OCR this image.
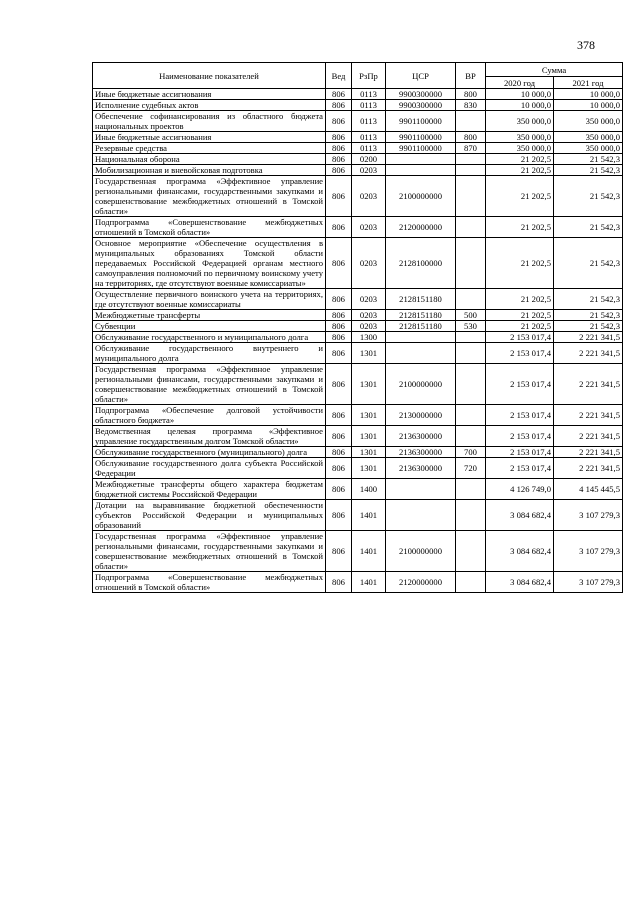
378
Наименование показателей	Вед	РзПр	ЦСР	ВР	Сумма	
					2020 год	2021 год
Иные бюджетные ассигнования	806	0113	9900300000	800	10 000,0	10 000,0
Исполнение судебных актов	806	0113	9900300000	830	10 000,0	10 000,0
Обеспечение софинансирования из областного бюджета национальных проектов	806	0113	9901100000		350 000,0	350 000,0
Иные бюджетные ассигнования	806	0113	9901100000	800	350 000,0	350 000,0
Резервные средства	806	0113	9901100000	870	350 000,0	350 000,0
Национальная оборона	806	0200			21 202,5	21 542,3
Мобилизационная и вневойсковая подготовка	806	0203			21 202,5	21 542,3
Государственная программа «Эффективное управление региональными финансами, государственными закупками и совершенствование межбюджетных отношений в Томской области»	806	0203	2100000000		21 202,5	21 542,3
Подпрограмма «Совершенствование межбюджетных отношений в Томской области»	806	0203	2120000000		21 202,5	21 542,3
Основное мероприятие «Обеспечение осуществления в муниципальных образованиях Томской области передаваемых Российской Федерацией органам местного самоуправления полномочий по первичному воинскому учету на территориях, где отсутствуют военные комиссариаты»	806	0203	2128100000		21 202,5	21 542,3
Осуществление первичного воинского учета на территориях, где отсутствуют военные комиссариаты	806	0203	2128151180		21 202,5	21 542,3
Межбюджетные трансферты	806	0203	2128151180	500	21 202,5	21 542,3
Субвенции	806	0203	2128151180	530	21 202,5	21 542,3
Обслуживание государственного и муниципального долга	806	1300			2 153 017,4	2 221 341,5
Обслуживание государственного внутреннего и муниципального долга	806	1301			2 153 017,4	2 221 341,5
Государственная программа «Эффективное управление региональными финансами, государственными закупками и совершенствование межбюджетных отношений в Томской области»	806	1301	2100000000		2 153 017,4	2 221 341,5
Подпрограмма «Обеспечение долговой устойчивости областного бюджета»	806	1301	2130000000		2 153 017,4	2 221 341,5
Ведомственная целевая программа «Эффективное управление государственным долгом Томской области»	806	1301	2136300000		2 153 017,4	2 221 341,5
Обслуживание государственного (муниципального) долга	806	1301	2136300000	700	2 153 017,4	2 221 341,5
Обслуживание государственного долга субъекта Российской Федерации	806	1301	2136300000	720	2 153 017,4	2 221 341,5
Межбюджетные трансферты общего характера бюджетам бюджетной системы Российской Федерации	806	1400			4 126 749,0	4 145 445,5
Дотации на выравнивание бюджетной обеспеченности субъектов Российской Федерации и муниципальных образований	806	1401			3 084 682,4	3 107 279,3
Государственная программа «Эффективное управление региональными финансами, государственными закупками и совершенствование межбюджетных отношений в Томской области»	806	1401	2100000000		3 084 682,4	3 107 279,3
Подпрограмма «Совершенствование межбюджетных отношений в Томской области»	806	1401	2120000000		3 084 682,4	3 107 279,3
